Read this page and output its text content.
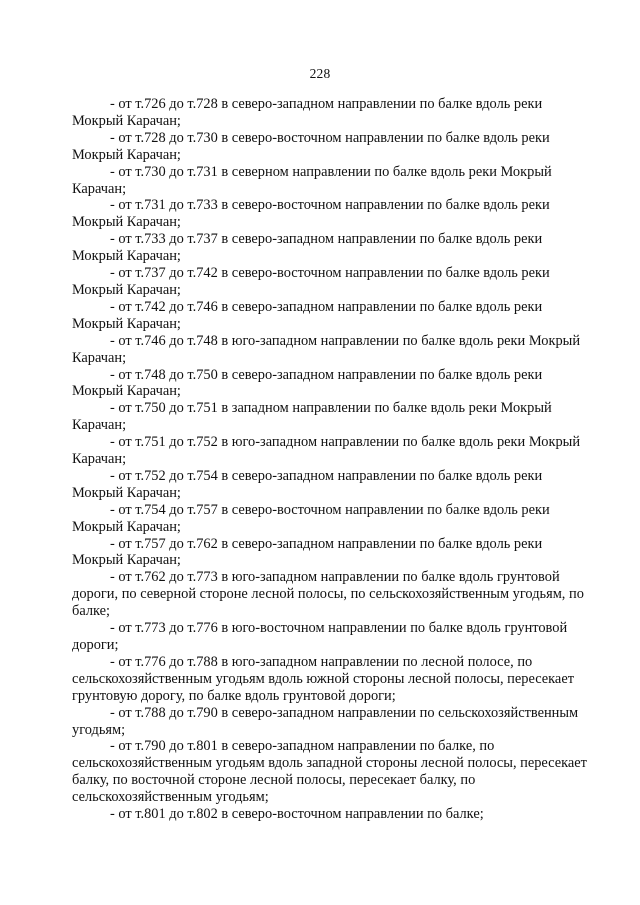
228

- от т.726 до т.728 в северо-западном направлении по балке вдоль реки Мокрый Карачан;

- от т.728 до т.730 в северо-восточном направлении по балке вдоль реки Мокрый Карачан;

- от т.730 до т.731 в северном направлении по балке вдоль реки Мокрый Карачан;

- от т.731 до т.733 в северо-восточном направлении по балке вдоль реки Мокрый Карачан;

- от т.733 до т.737 в северо-западном направлении по балке вдоль реки Мокрый Карачан;

- от т.737 до т.742 в северо-восточном направлении по балке вдоль реки Мокрый Карачан;

- от т.742 до т.746 в северо-западном направлении по балке вдоль реки Мокрый Карачан;

- от т.746 до т.748 в юго-западном направлении по балке вдоль реки Мокрый Карачан;

- от т.748 до т.750 в северо-западном направлении по балке вдоль реки Мокрый Карачан;

- от т.750 до т.751 в западном направлении по балке вдоль реки Мокрый Карачан;

- от т.751 до т.752 в юго-западном направлении по балке вдоль реки Мокрый Карачан;

- от т.752 до т.754 в северо-западном направлении по балке вдоль реки Мокрый Карачан;

- от т.754 до т.757 в северо-восточном направлении по балке вдоль реки Мокрый Карачан;

- от т.757 до т.762 в северо-западном направлении по балке вдоль реки Мокрый Карачан;

- от т.762 до т.773 в юго-западном направлении по балке вдоль грунтовой дороги, по северной стороне лесной полосы, по сельскохозяйственным угодьям, по балке;

- от т.773 до т.776 в юго-восточном направлении по балке вдоль грунтовой дороги;

- от т.776 до т.788 в юго-западном направлении по лесной полосе, по сельскохозяйственным угодьям вдоль южной стороны лесной полосы, пересекает грунтовую дорогу, по балке вдоль грунтовой дороги;

- от т.788 до т.790 в северо-западном направлении по сельскохозяйственным угодьям;

- от т.790 до т.801 в северо-западном направлении по балке, по сельскохозяйственным угодьям вдоль западной стороны лесной полосы, пересекает балку, по восточной стороне лесной полосы, пересекает балку, по сельскохозяйственным угодьям;

- от т.801 до т.802 в северо-восточном направлении по балке;
